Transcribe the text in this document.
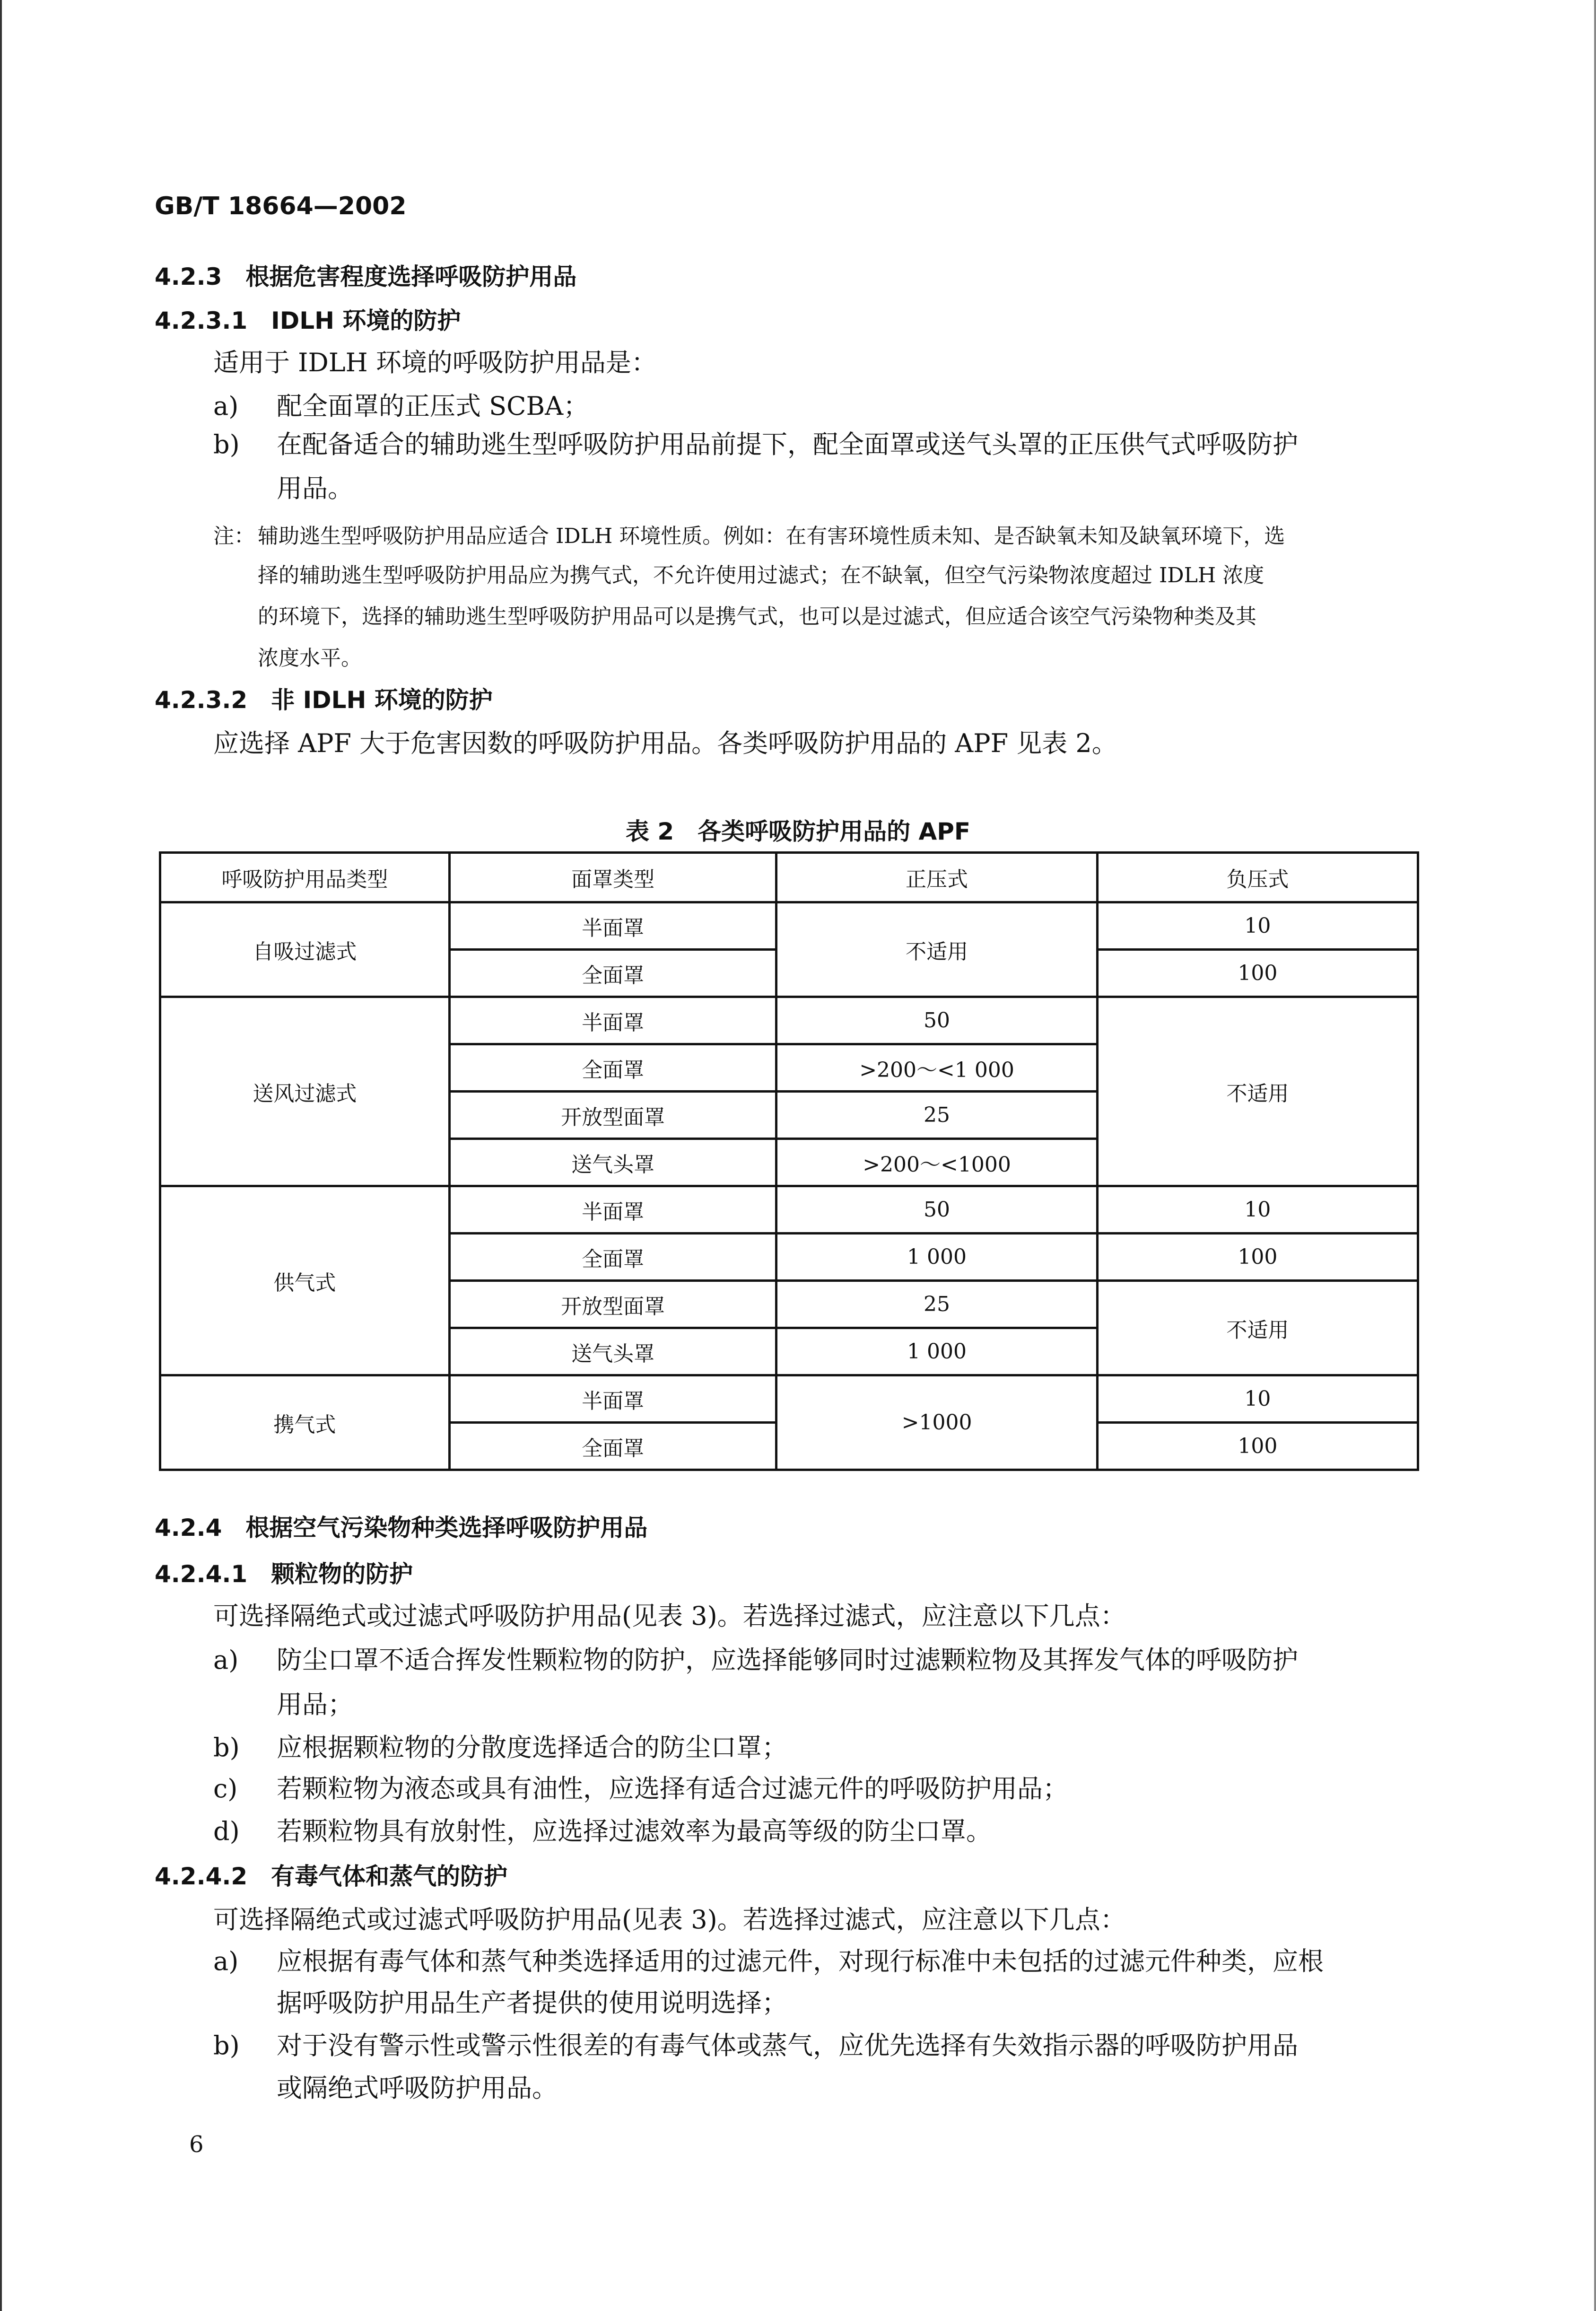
GB/T 18664—2002
4.2.3　 根据危害程度选择呼吸防护用品
4.2.3.1　 IDLH 环境的防护
适用于 IDLH 环境的呼吸防护用品是：
a) 配全面罩的正压式 SCBA；
b) 在配备适合的辅助逃生型呼吸防护用品前提下，配全面罩或送气头罩的正压供气式呼吸防护
用品。
注： 辅助逃生型呼吸防护用品应适合 IDLH 环境性质。例如：在有害环境性质未知、是否缺氧未知及缺氧环境下，选
择的辅助逃生型呼吸防护用品应为携气式，不允许使用过滤式；在不缺氧，但空气污染物浓度超过 IDLH 浓度
的环境下，选择的辅助逃生型呼吸防护用品可以是携气式，也可以是过滤式，但应适合该空气污染物种类及其
浓度水平。
4.2.3.2　 非 IDLH 环境的防护
应选择 APF 大于危害因数的呼吸防护用品。各类呼吸防护用品的 APF 见表 2。
表 2　各类呼吸防护用品的 APF
呼吸防护用品类型	面罩类型	正压式	负压式
自吸过滤式	半面罩	不适用	10
	全面罩		100
送风过滤式	半面罩	50	不适用
	全面罩	>200～<1 000	
	开放型面罩	25	
	送气头罩	>200～<1000	
供气式	半面罩	50	10
	全面罩	1 000	100
	开放型面罩	25	不适用
	送气头罩	1 000	
携气式	半面罩	>1000	10
	全面罩		100
4.2.4　 根据空气污染物种类选择呼吸防护用品
4.2.4.1　 颗粒物的防护
可选择隔绝式或过滤式呼吸防护用品(见表 3)。若选择过滤式，应注意以下几点：
a) 防尘口罩不适合挥发性颗粒物的防护，应选择能够同时过滤颗粒物及其挥发气体的呼吸防护
用品；
b) 应根据颗粒物的分散度选择适合的防尘口罩；
c) 若颗粒物为液态或具有油性，应选择有适合过滤元件的呼吸防护用品；
d) 若颗粒物具有放射性，应选择过滤效率为最高等级的防尘口罩。
4.2.4.2　 有毒气体和蒸气的防护
可选择隔绝式或过滤式呼吸防护用品(见表 3)。若选择过滤式，应注意以下几点：
a) 应根据有毒气体和蒸气种类选择适用的过滤元件，对现行标准中未包括的过滤元件种类，应根
据呼吸防护用品生产者提供的使用说明选择；
b) 对于没有警示性或警示性很差的有毒气体或蒸气，应优先选择有失效指示器的呼吸防护用品
或隔绝式呼吸防护用品。
6
